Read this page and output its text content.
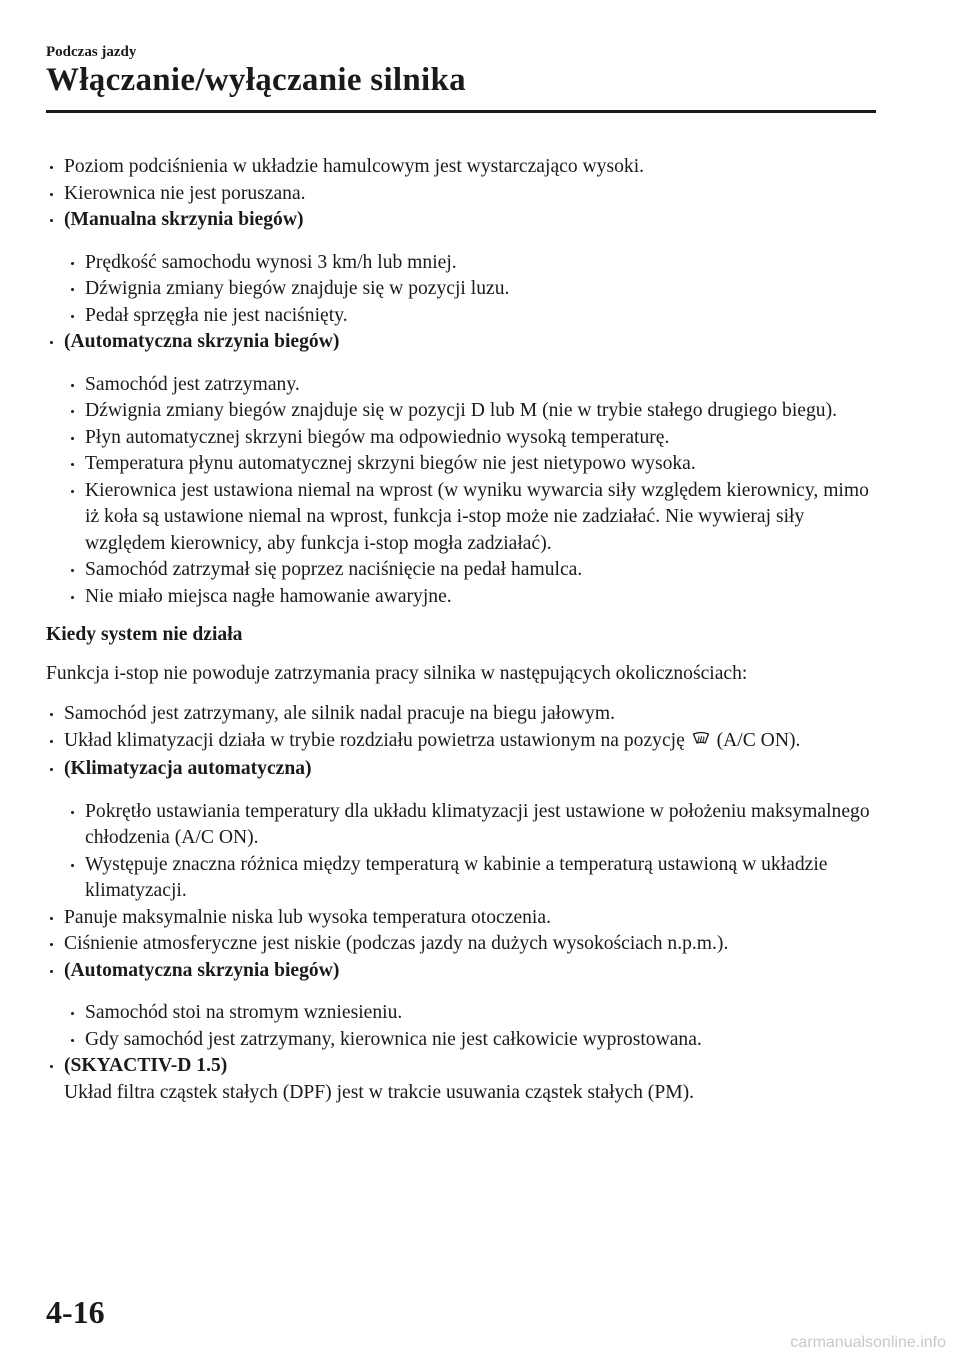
Podczas jazdy
Włączanie/wyłączanie silnika
Poziom podciśnienia w układzie hamulcowym jest wystarczająco wysoki.
Kierownica nie jest poruszana.
(Manualna skrzynia biegów)
Prędkość samochodu wynosi 3 km/h lub mniej.
Dźwignia zmiany biegów znajduje się w pozycji luzu.
Pedał sprzęgła nie jest naciśnięty.
(Automatyczna skrzynia biegów)
Samochód jest zatrzymany.
Dźwignia zmiany biegów znajduje się w pozycji D lub M (nie w trybie stałego drugiego biegu).
Płyn automatycznej skrzyni biegów ma odpowiednio wysoką temperaturę.
Temperatura płynu automatycznej skrzyni biegów nie jest nietypowo wysoka.
Kierownica jest ustawiona niemal na wprost (w wyniku wywarcia siły względem kierownicy, mimo iż koła są ustawione niemal na wprost, funkcja i-stop może nie zadziałać. Nie wywieraj siły względem kierownicy, aby funkcja i-stop mogła zadziałać).
Samochód zatrzymał się poprzez naciśnięcie na pedał hamulca.
Nie miało miejsca nagłe hamowanie awaryjne.
Kiedy system nie działa
Funkcja i-stop nie powoduje zatrzymania pracy silnika w następujących okolicznościach:
Samochód jest zatrzymany, ale silnik nadal pracuje na biegu jałowym.
Układ klimatyzacji działa w trybie rozdziału powietrza ustawionym na pozycję (A/C ON).
(Klimatyzacja automatyczna)
Pokrętło ustawiania temperatury dla układu klimatyzacji jest ustawione w położeniu maksymalnego chłodzenia (A/C ON).
Występuje znaczna różnica między temperaturą w kabinie a temperaturą ustawioną w układzie klimatyzacji.
Panuje maksymalnie niska lub wysoka temperatura otoczenia.
Ciśnienie atmosferyczne jest niskie (podczas jazdy na dużych wysokościach n.p.m.).
(Automatyczna skrzynia biegów)
Samochód stoi na stromym wzniesieniu.
Gdy samochód jest zatrzymany, kierownica nie jest całkowicie wyprostowana.
(SKYACTIV-D 1.5)
Układ filtra cząstek stałych (DPF) jest w trakcie usuwania cząstek stałych (PM).
4-16
carmanualsonline.info
